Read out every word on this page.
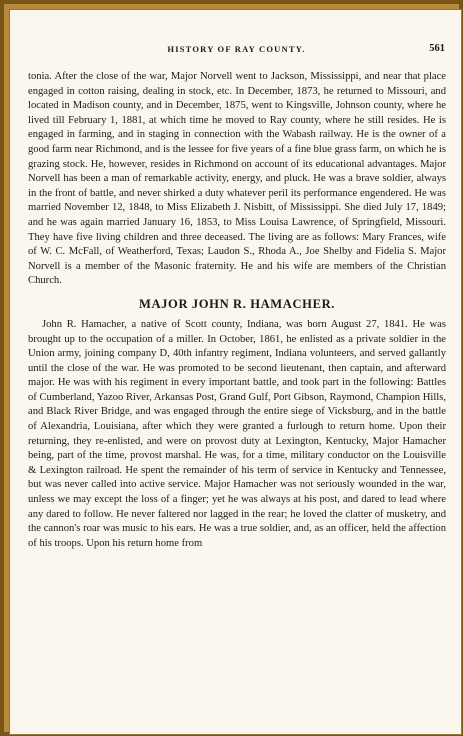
HISTORY OF RAY COUNTY.	561

tonia. After the close of the war, Major Norvell went to Jackson, Mississippi, and near that place engaged in cotton raising, dealing in stock, etc. In December, 1873, he returned to Missouri, and located in Madison county, and in December, 1875, went to Kingsville, Johnson county, where he lived till February 1, 1881, at which time he moved to Ray county, where he still resides. He is engaged in farming, and in staging in connection with the Wabash railway. He is the owner of a good farm near Richmond, and is the lessee for five years of a fine blue grass farm, on which he is grazing stock. He, however, resides in Richmond on account of its educational advantages. Major Norvell has been a man of remarkable activity, energy, and pluck. He was a brave soldier, always in the front of battle, and never shirked a duty whatever peril its performance engendered. He was married November 12, 1848, to Miss Elizabeth J. Nisbitt, of Mississippi. She died July 17, 1849; and he was again married January 16, 1853, to Miss Louisa Lawrence, of Springfield, Missouri. They have five living children and three deceased. The living are as follows: Mary Frances, wife of W. C. McFall, of Weatherford, Texas; Laudon S., Rhoda A., Joe Shelby and Fidelia S. Major Norvell is a member of the Masonic fraternity. He and his wife are members of the Christian Church.

MAJOR JOHN R. HAMACHER.

John R. Hamacher, a native of Scott county, Indiana, was born August 27, 1841. He was brought up to the occupation of a miller. In October, 1861, he enlisted as a private soldier in the Union army, joining company D, 40th infantry regiment, Indiana volunteers, and served gallantly until the close of the war. He was promoted to be second lieutenant, then captain, and afterward major. He was with his regiment in every important battle, and took part in the following: Battles of Cumberland, Yazoo River, Arkansas Post, Grand Gulf, Port Gibson, Raymond, Champion Hills, and Black River Bridge, and was engaged through the entire siege of Vicksburg, and in the battle of Alexandria, Louisiana, after which they were granted a furlough to return home. Upon their returning, they re-enlisted, and were on provost duty at Lexington, Kentucky, Major Hamacher being, part of the time, provost marshal. He was, for a time, military conductor on the Louisville & Lexington railroad. He spent the remainder of his term of service in Kentucky and Tennessee, but was never called into active service. Major Hamacher was not seriously wounded in the war, unless we may except the loss of a finger; yet he was always at his post, and dared to lead where any dared to follow. He never faltered nor lagged in the rear; he loved the clatter of musketry, and the cannon's roar was music to his ears. He was a true soldier, and, as an officer, held the affection of his troops. Upon his return home from
